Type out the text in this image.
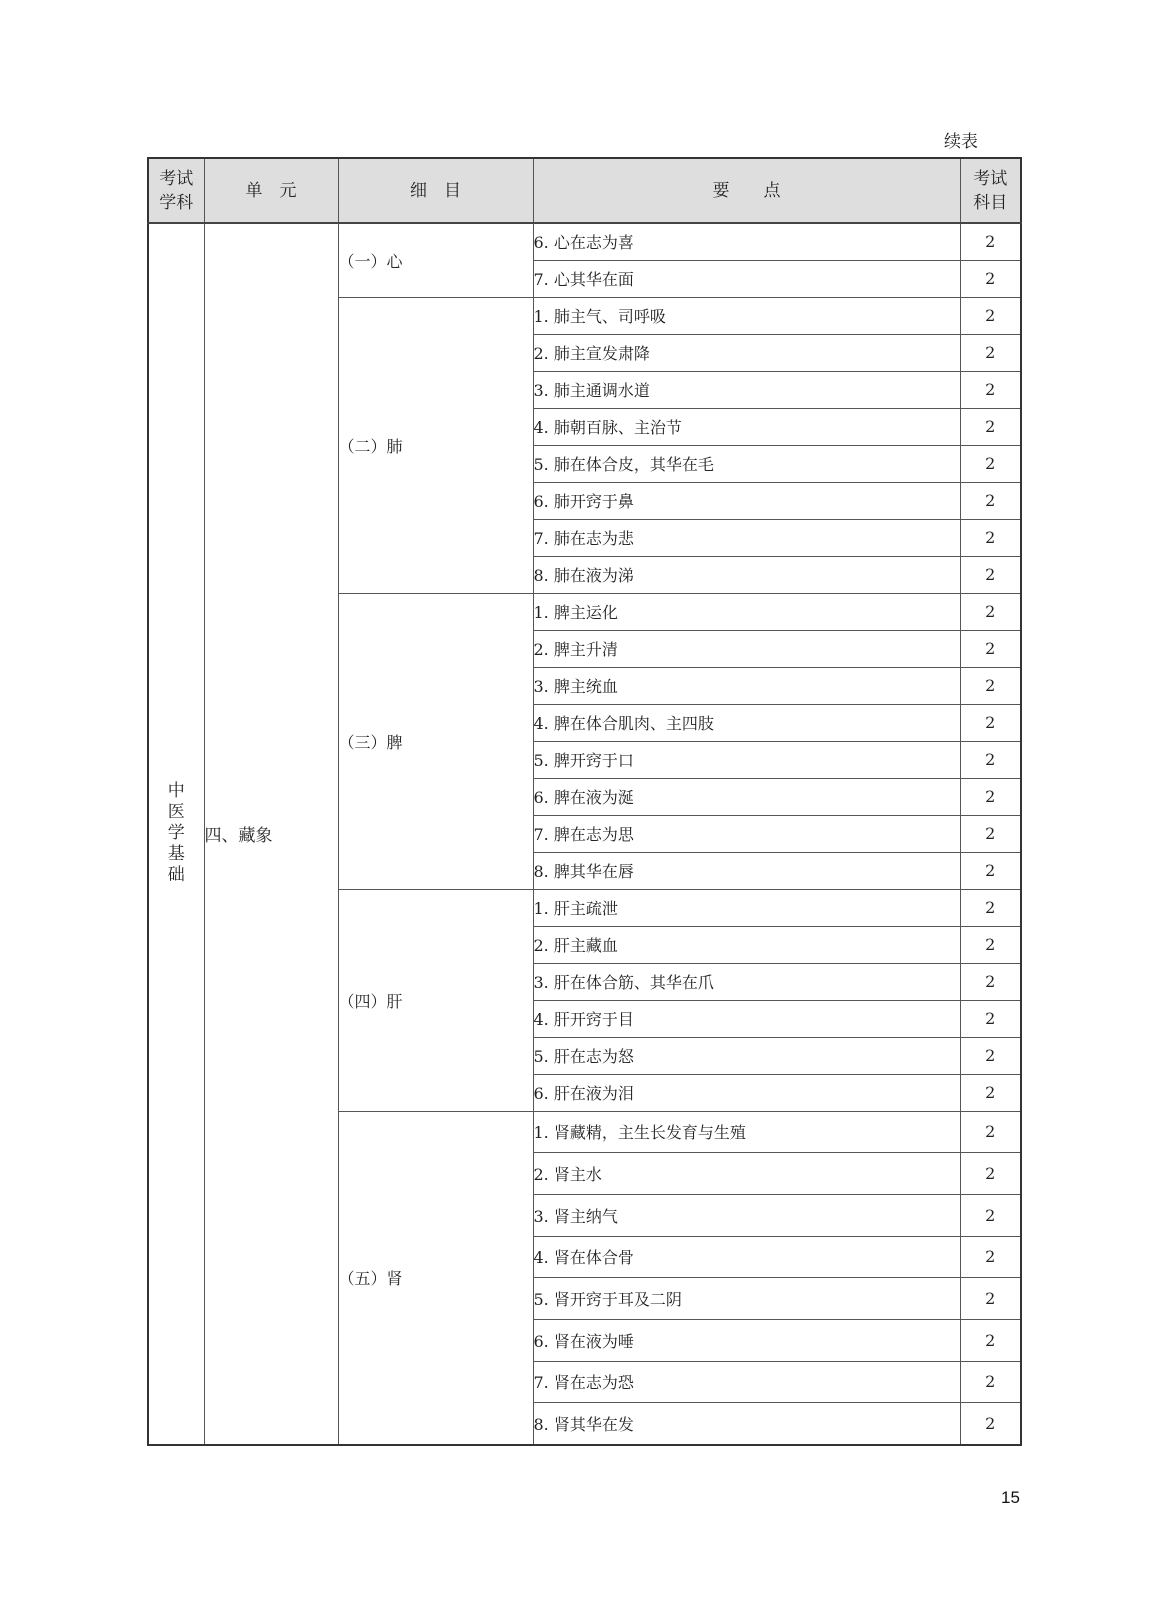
续表
考试学科	单　元	细　目	要　　点	考试科目

中医学基础	四、藏象	（一）心	6. 心在志为喜	2
			7. 心其华在面	2
		（二）肺	1. 肺主气、司呼吸	2
			2. 肺主宣发肃降	2
			3. 肺主通调水道	2
			4. 肺朝百脉、主治节	2
			5. 肺在体合皮，其华在毛	2
			6. 肺开窍于鼻	2
			7. 肺在志为悲	2
			8. 肺在液为涕	2
		（三）脾	1. 脾主运化	2
			2. 脾主升清	2
			3. 脾主统血	2
			4. 脾在体合肌肉、主四肢	2
			5. 脾开窍于口	2
			6. 脾在液为涎	2
			7. 脾在志为思	2
			8. 脾其华在唇	2
		（四）肝	1. 肝主疏泄	2
			2. 肝主藏血	2
			3. 肝在体合筋、其华在爪	2
			4. 肝开窍于目	2
			5. 肝在志为怒	2
			6. 肝在液为泪	2
		（五）肾	1. 肾藏精，主生长发育与生殖	2
			2. 肾主水	2
			3. 肾主纳气	2
			4. 肾在体合骨	2
			5. 肾开窍于耳及二阴	2
			6. 肾在液为唾	2
			7. 肾在志为恐	2
			8. 肾其华在发	2
15
